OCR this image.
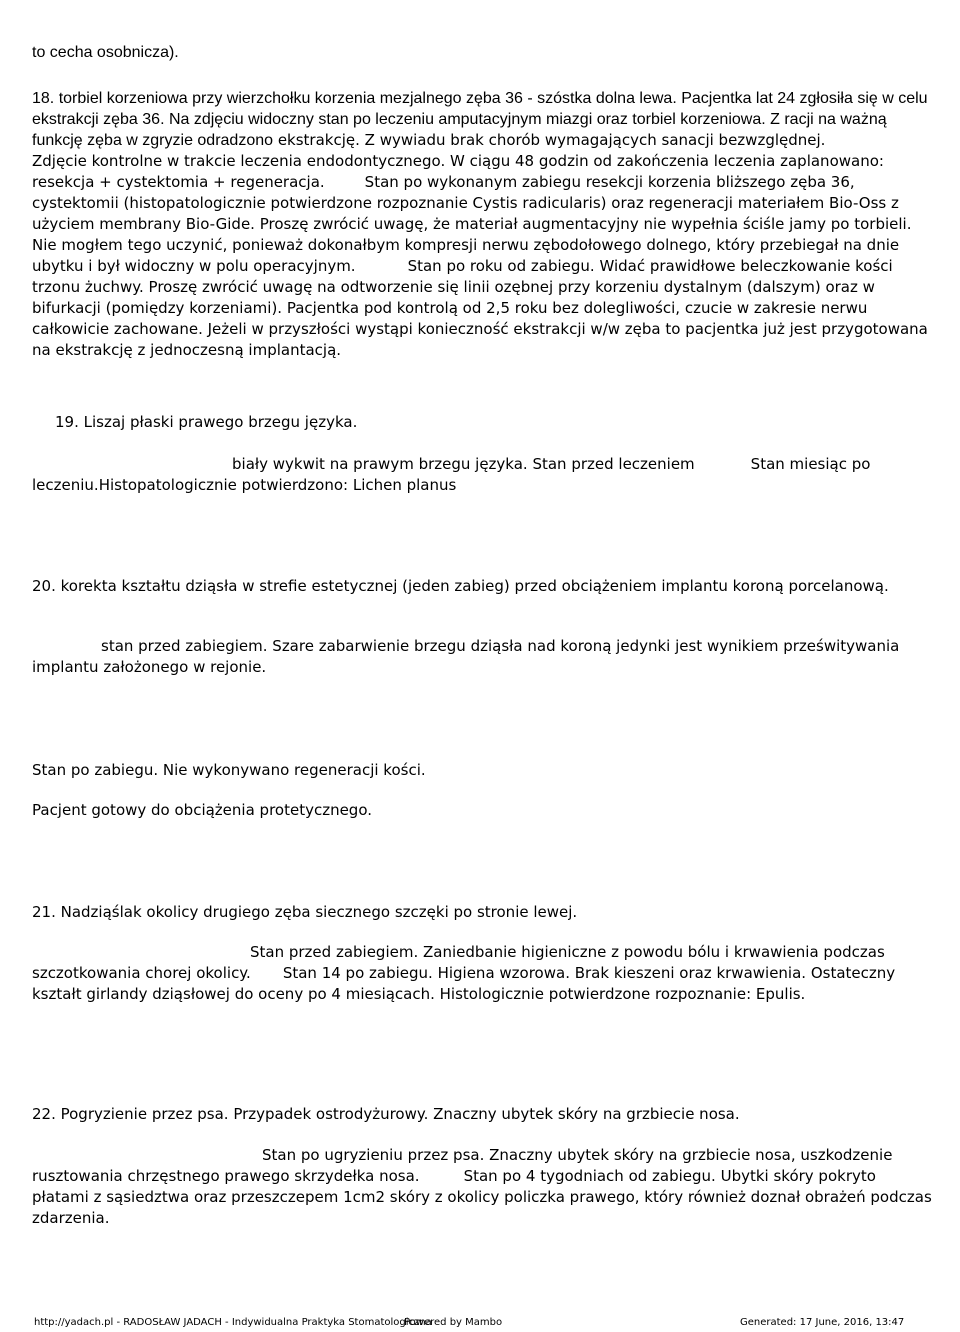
to cecha osobnicza).
18. torbiel korzeniowa przy wierzchołku korzenia mezjalnego zęba 36 - szóstka dolna lewa. Pacjentka lat 24 zgłosiła się w celu ekstrakcji zęba 36. Na zdjęciu widoczny stan po leczeniu amputacyjnym miazgi oraz torbiel korzeniowa. Z racji na ważną funkcję zęba w zgryzie odradzono ekstrakcję. Z wywiadu brak chorób wymagających sanacji bezwzględnej.Zdjęcie kontrolne w trakcie leczenia endodontycznego. W ciągu 48 godzin od zakończenia leczenia zaplanowano: resekcja + cystektomia + regeneracja.	Stan po wykonanym zabiegu resekcji korzenia bliższego zęba 36, cystektomii (histopatologicznie potwierdzone rozpoznanie Cystis radicularis) oraz regeneracji materiałem Bio-Oss z użyciem membrany Bio-Gide. Proszę zwrócić uwagę, że materiał augmentacyjny nie wypełnia ściśle jamy po torbieli. Nie mogłem tego uczynić, ponieważ dokonałbym kompresji nerwu zębodołowego dolnego, który przebiegał na dnie ubytku i był widoczny w polu operacyjnym.	Stan po roku od zabiegu. Widać prawidłowe beleczkowanie kości trzonu żuchwy. Proszę zwrócić uwagę na odtworzenie się linii ozębnej przy korzeniu dystalnym (dalszym) oraz w bifurkacji (pomiędzy korzeniami). Pacjentka pod kontrolą od 2,5 roku bez dolegliwości, czucie w zakresie nerwu całkowicie zachowane. Jeżeli w przyszłości wystąpi konieczność ekstrakcji w/w zęba to pacjentka już jest przygotowana na ekstrakcję z jednoczesną implantacją.
19. Liszaj płaski prawego brzegu języka.
biały wykwit na prawym brzegu języka. Stan przed leczeniem	Stan miesiąc po leczeniu.Histopatologicznie potwierdzono: Lichen planus
20. korekta kształtu dziąsła w strefie estetycznej (jeden zabieg) przed obciążeniem implantu koroną porcelanową.
stan przed zabiegiem. Szare zabarwienie brzegu dziąsła nad koroną jedynki jest wynikiem prześwitywania implantu założonego w rejonie.
Stan po zabiegu. Nie wykonywano regeneracji kości.
Pacjent gotowy do obciążenia protetycznego.
21. Nadziąślak okolicy drugiego zęba siecznego szczęki po stronie lewej.
Stan przed zabiegiem. Zaniedbanie higieniczne z powodu bólu i krwawienia podczas szczotkowania chorej okolicy. Stan 14 po zabiegu. Higiena wzorowa. Brak kieszeni oraz krwawienia. Ostateczny kształt girlandy dziąsłowej do oceny po 4 miesiącach. Histologicznie potwierdzone rozpoznanie: Epulis.
22. Pogryzienie przez psa. Przypadek ostrodyżurowy. Znaczny ubytek skóry na grzbiecie nosa.
Stan po ugryzieniu przez psa. Znaczny ubytek skóry na grzbiecie nosa, uszkodzenie rusztowania chrzęstnego prawego skrzydełka nosa.	Stan po 4 tygodniach od zabiegu. Ubytki skóry pokryto płatami z sąsiedztwa oraz przeszczepem 1cm2 skóry z okolicy policzka prawego, który również doznał obrażeń podczas zdarzenia.
http://yadach.pl - RADOSŁAW JADACH - Indywidualna Praktyka Stomatologiczna
Powered by Mambo	Generated: 17 June, 2016, 13:47
